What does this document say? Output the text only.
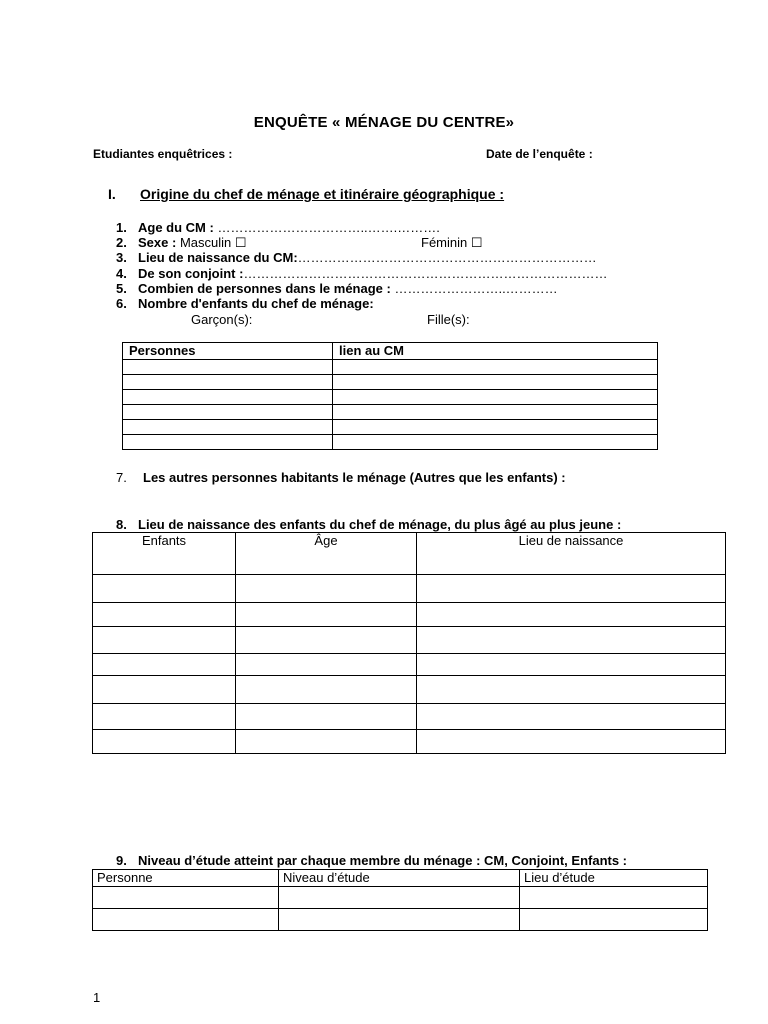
ENQUÊTE « MÉNAGE DU CENTRE»
Etudiantes enquêtrices :	Date de l’enquête :
I. Origine du chef de ménage et itinéraire géographique :
1. Age du CM : ……………………………..…….……….
2. Sexe : Masculin ☐	Féminin ☐
3. Lieu de naissance du CM:……………………………………………………………
4. De son conjoint :…………………………………………………………………………
5. Combien de personnes dans le ménage : ……………………..…………
6. Nombre d'enfants du chef de ménage:
Garçon(s):	Fille(s):
Personnes	lien au CM

7. Les autres personnes habitants le ménage (Autres que les enfants) :
8. Lieu de naissance des enfants du chef de ménage, du plus âgé au plus jeune :
Enfants	Âge	Lieu de naissance

9. Niveau d’étude atteint par chaque membre du ménage : CM, Conjoint, Enfants :
Personne	Niveau d’étude	Lieu d’étude

1
